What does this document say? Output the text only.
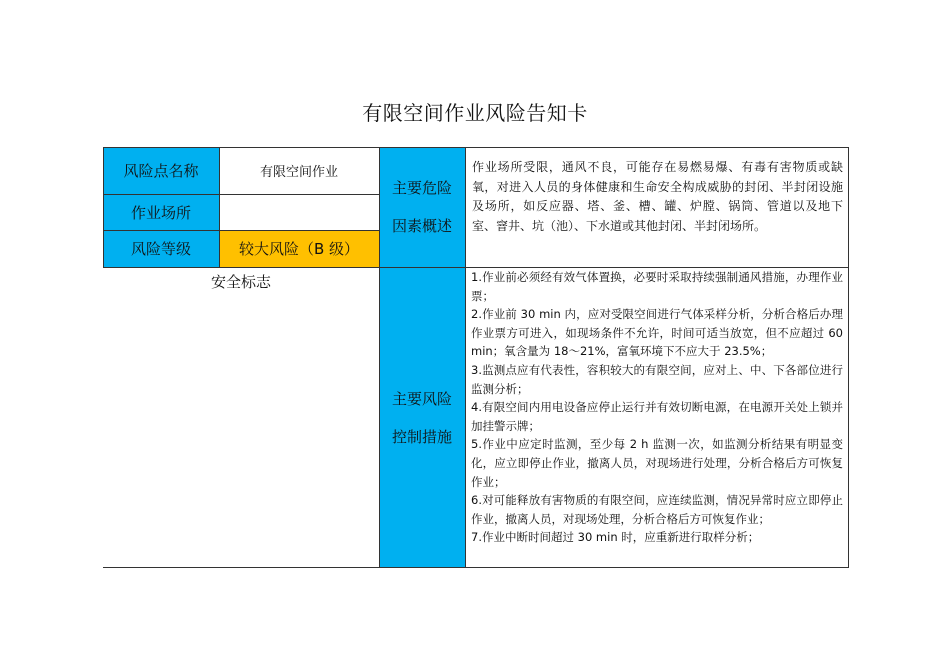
有限空间作业风险告知卡
风险点名称
作业场所
风险等级
有限空间作业
较大风险（B 级）
安全标志
主要危险
因素概述
主要风险
控制措施
作业场所受限，通风不良，可能存在易燃易爆、有毒有害物质或缺氧，对进入人员的身体健康和生命安全构成威胁的封闭、半封闭设施及场所，如反应器、塔、釜、槽、罐、炉膛、锅筒、管道以及地下室、窨井、坑（池）、下水道或其他封闭、半封闭场所。
1.作业前必须经有效气体置换，必要时采取持续强制通风措施，办理作业票；
2.作业前 30 min 内，应对受限空间进行气体采样分析，分析合格后办理作业票方可进入，如现场条件不允许，时间可适当放宽，但不应超过 60min；氧含量为 18～21%，富氧环境下不应大于 23.5%；
3.监测点应有代表性，容积较大的有限空间，应对上、中、下各部位进行监测分析；
4.有限空间内用电设备应停止运行并有效切断电源，在电源开关处上锁并加挂警示牌；
5.作业中应定时监测，至少每 2 h 监测一次，如监测分析结果有明显变化，应立即停止作业，撤离人员，对现场进行处理，分析合格后方可恢复作业；
6.对可能释放有害物质的有限空间，应连续监测，情况异常时应立即停止作业，撤离人员，对现场处理，分析合格后方可恢复作业；
7.作业中断时间超过 30 min 时，应重新进行取样分析；
